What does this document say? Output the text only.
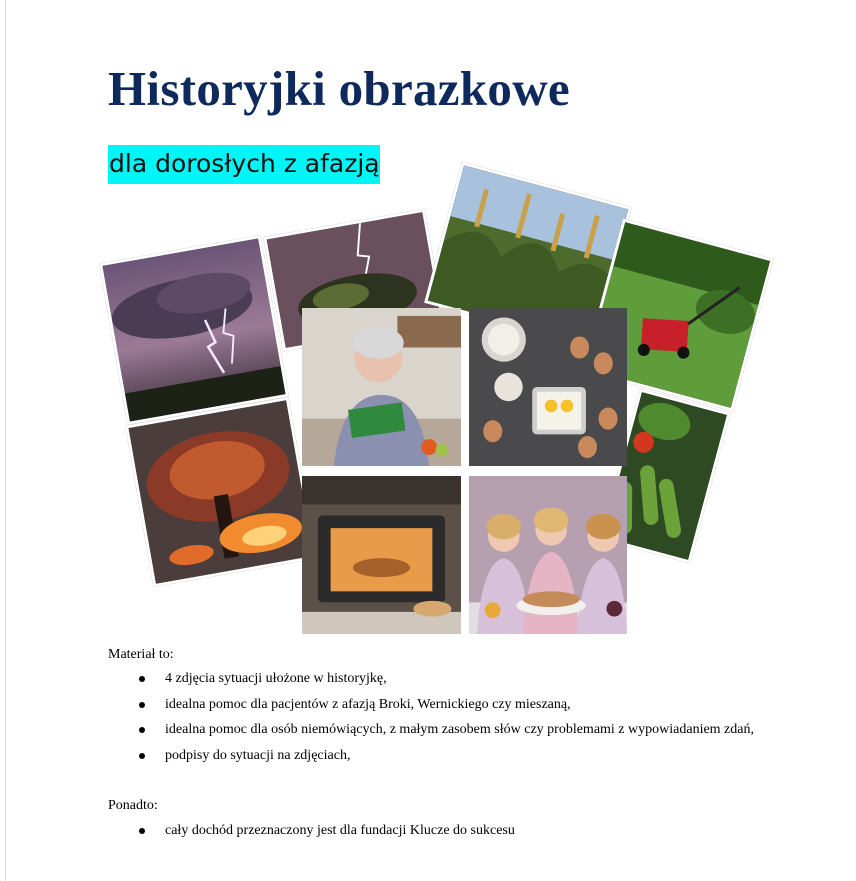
Historyjki obrazkowe
dla dorosłych z afazją
Materiał to:
4 zdjęcia sytuacji ułożone w historyjkę,
idealna pomoc dla pacjentów z afazją Broki, Wernickiego czy mieszaną,
idealna pomoc dla osób niemówiących, z małym zasobem słów czy problemami z wypowiadaniem zdań,
podpisy do sytuacji na zdjęciach,
Ponadto:
cały dochód przeznaczony jest dla fundacji Klucze do sukcesu
